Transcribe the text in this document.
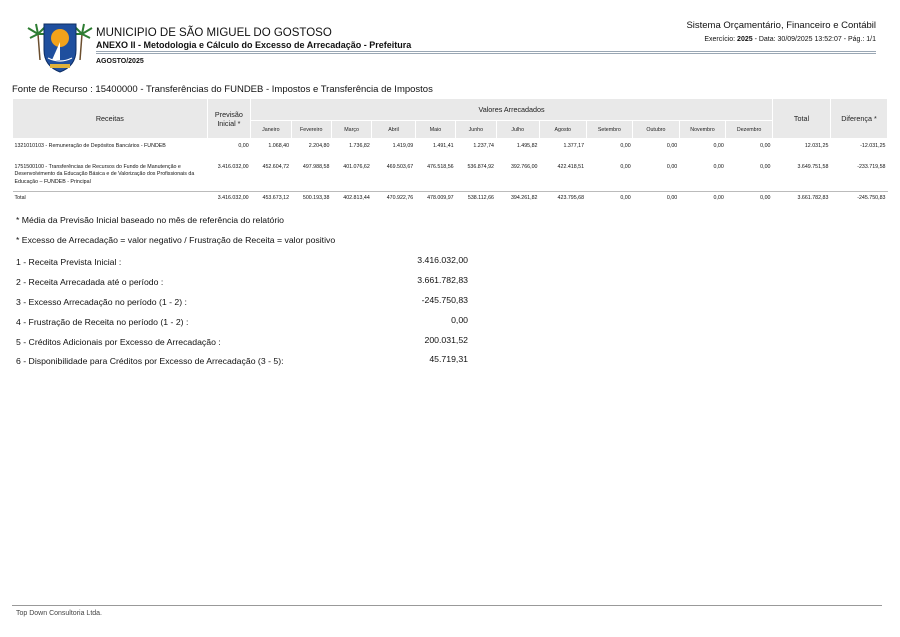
MUNICIPIO DE SÃO MIGUEL DO GOSTOSO
ANEXO II - Metodologia e Cálculo do Excesso de Arrecadação - Prefeitura
AGOSTO/2025
Sistema Orçamentário, Financeiro e Contábil
Exercício: 2025 - Data: 30/09/2025 13:52:07 - Pág.: 1/1
Fonte de Recurso : 15400000 - Transferências do FUNDEB - Impostos e Transferência de Impostos
Receitas	Previsão Inicial *	Valores Arrecadados												Total	Diferença *
		Janeiro	Fevereiro	Março	Abril	Maio	Junho	Julho	Agosto	Setembro	Outubro	Novembro	Dezembro		
1321010103 - Remuneração de Depósitos Bancários - FUNDEB	0,00	1.068,40	2.204,80	1.736,82	1.419,09	1.491,41	1.237,74	1.495,82	1.377,17	0,00	0,00	0,00	0,00	12.031,25	-12.031,25
1751500100 - Transferências de Recursos do Fundo de Manutenção e Desenvolvimento da Educação Básica e de Valorização dos Profissionais da Educação – FUNDEB - Principal	3.416.032,00	452.604,72	497.988,58	401.076,62	469.503,67	476.518,56	536.874,92	392.766,00	422.418,51	0,00	0,00	0,00	0,00	3.649.751,58	-233.719,58
Total	3.416.032,00	453.673,12	500.193,38	402.813,44	470.922,76	478.009,97	538.112,66	394.261,82	423.795,68	0,00	0,00	0,00	0,00	3.661.782,83	-245.750,83
* Média da Previsão Inicial baseado no mês de referência do relatório
* Excesso de Arrecadação = valor negativo / Frustração de Receita = valor positivo
1 - Receita Prevista Inicial :	3.416.032,00
2 - Receita Arrecadada até o período :	3.661.782,83
3 - Excesso Arrecadação no período (1 - 2) :	-245.750,83
4 - Frustração de Receita no período (1 - 2) :	0,00
5 - Créditos Adicionais por Excesso de Arrecadação :	200.031,52
6 - Disponibilidade para Créditos por Excesso de Arrecadação (3 - 5):	45.719,31
Top Down Consultoria Ltda.
